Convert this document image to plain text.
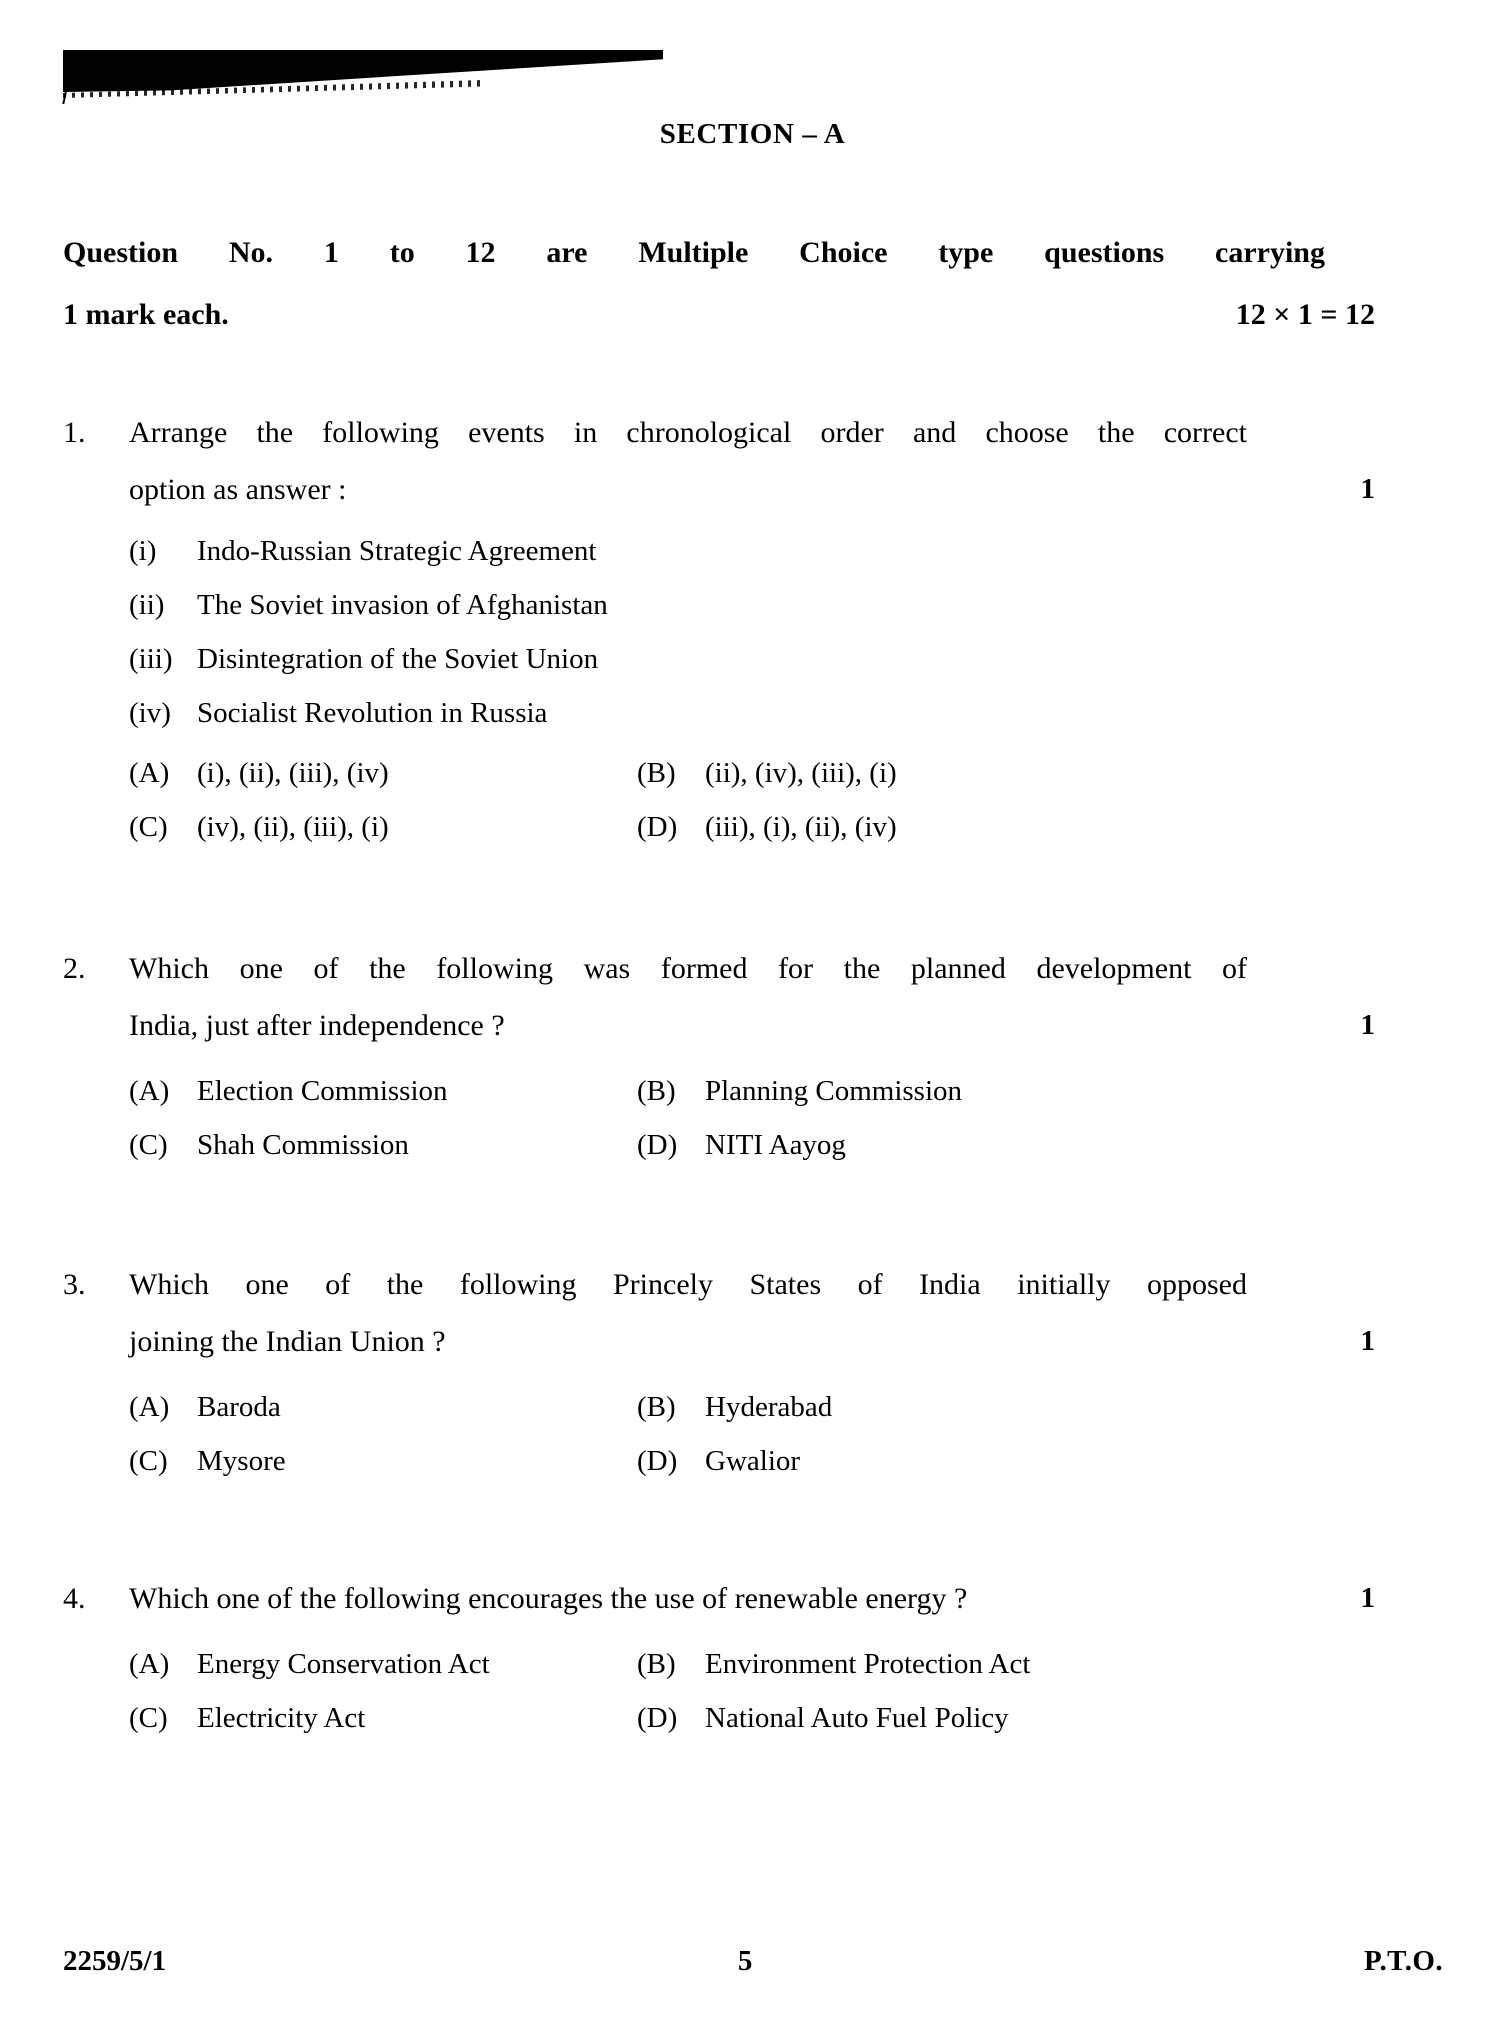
SECTION – A
Question No. 1 to 12 are Multiple Choice type questions carrying
1 mark each.	12 × 1 = 12
1.	Arrange the following events in chronological order and choose the correct
option as answer :	1
(i)	Indo-Russian Strategic Agreement
(ii)	The Soviet invasion of Afghanistan
(iii) Disintegration of the Soviet Union
(iv) Socialist Revolution in Russia
(A) (i), (ii), (iii), (iv)	(B)	(ii), (iv), (iii), (i)
(C)	(iv), (ii), (iii), (i)	(D) (iii), (i), (ii), (iv)
2.	Which one of the following was formed for the planned development of
India, just after independence ?	1
(A) Election Commission	(B)	Planning Commission
(C)	Shah Commission	(D) NITI Aayog
3.	Which one of the following Princely States of India initially opposed
joining the Indian Union ?	1
(A) Baroda	(B)	Hyderabad
(C)	Mysore	(D) Gwalior
4.	Which one of the following encourages the use of renewable energy ?	1
(A) Energy Conservation Act	(B)	Environment Protection Act
(C)	Electricity Act	(D) National Auto Fuel Policy
2259/5/1	5	P.T.O.
